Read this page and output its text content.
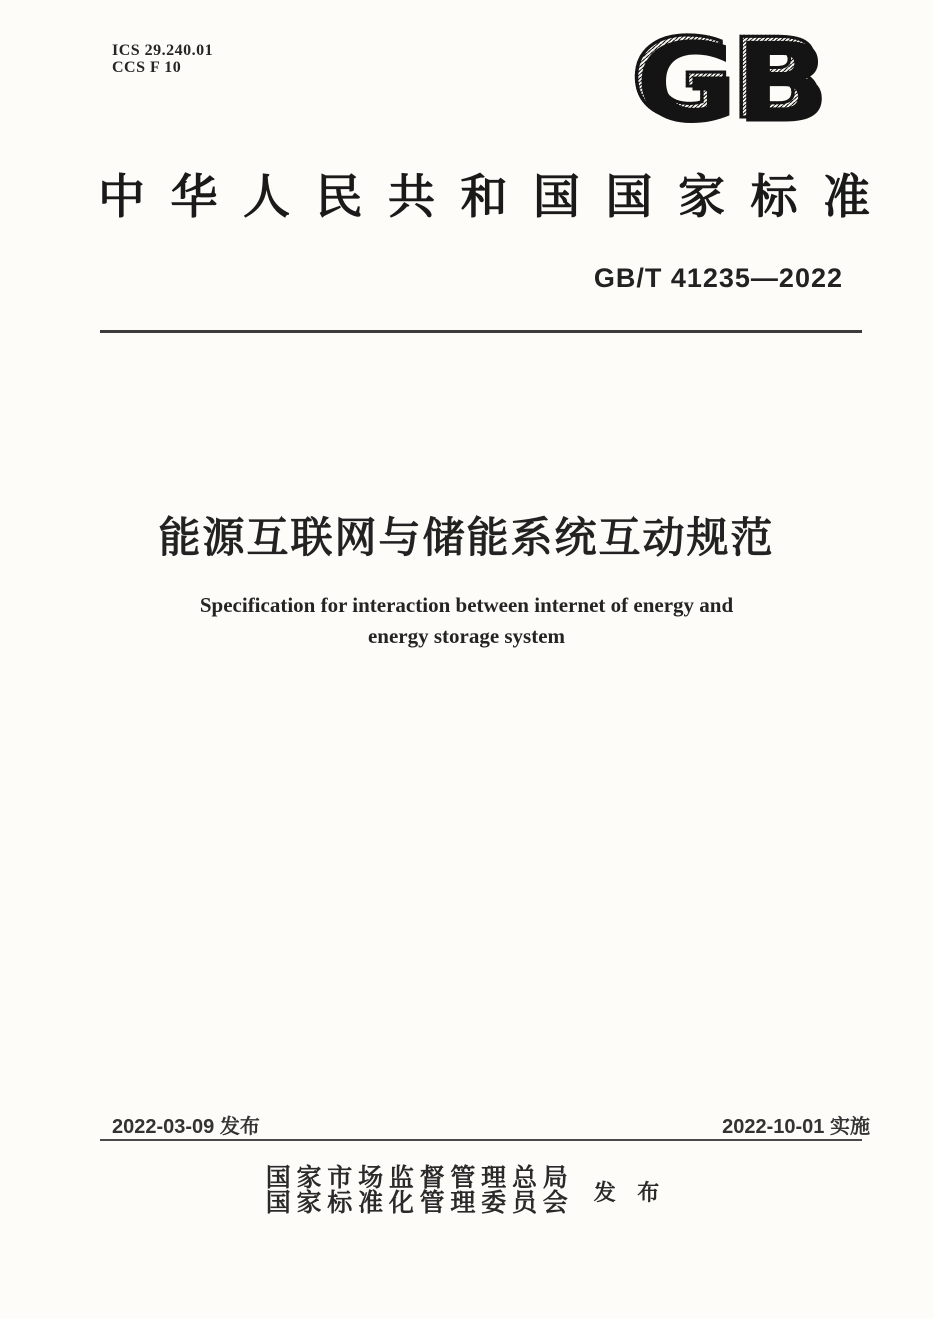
ICS 29.240.01
CCS F 10	GB
中华人民共和国国家标准
GB/T 41235—2022
能源互联网与储能系统互动规范
Specification for interaction between internet of energy and
energy storage system
2022-03-09 发布	2022-10-01 实施
国家市场监督管理总局
国家标准化管理委员会 发 布
